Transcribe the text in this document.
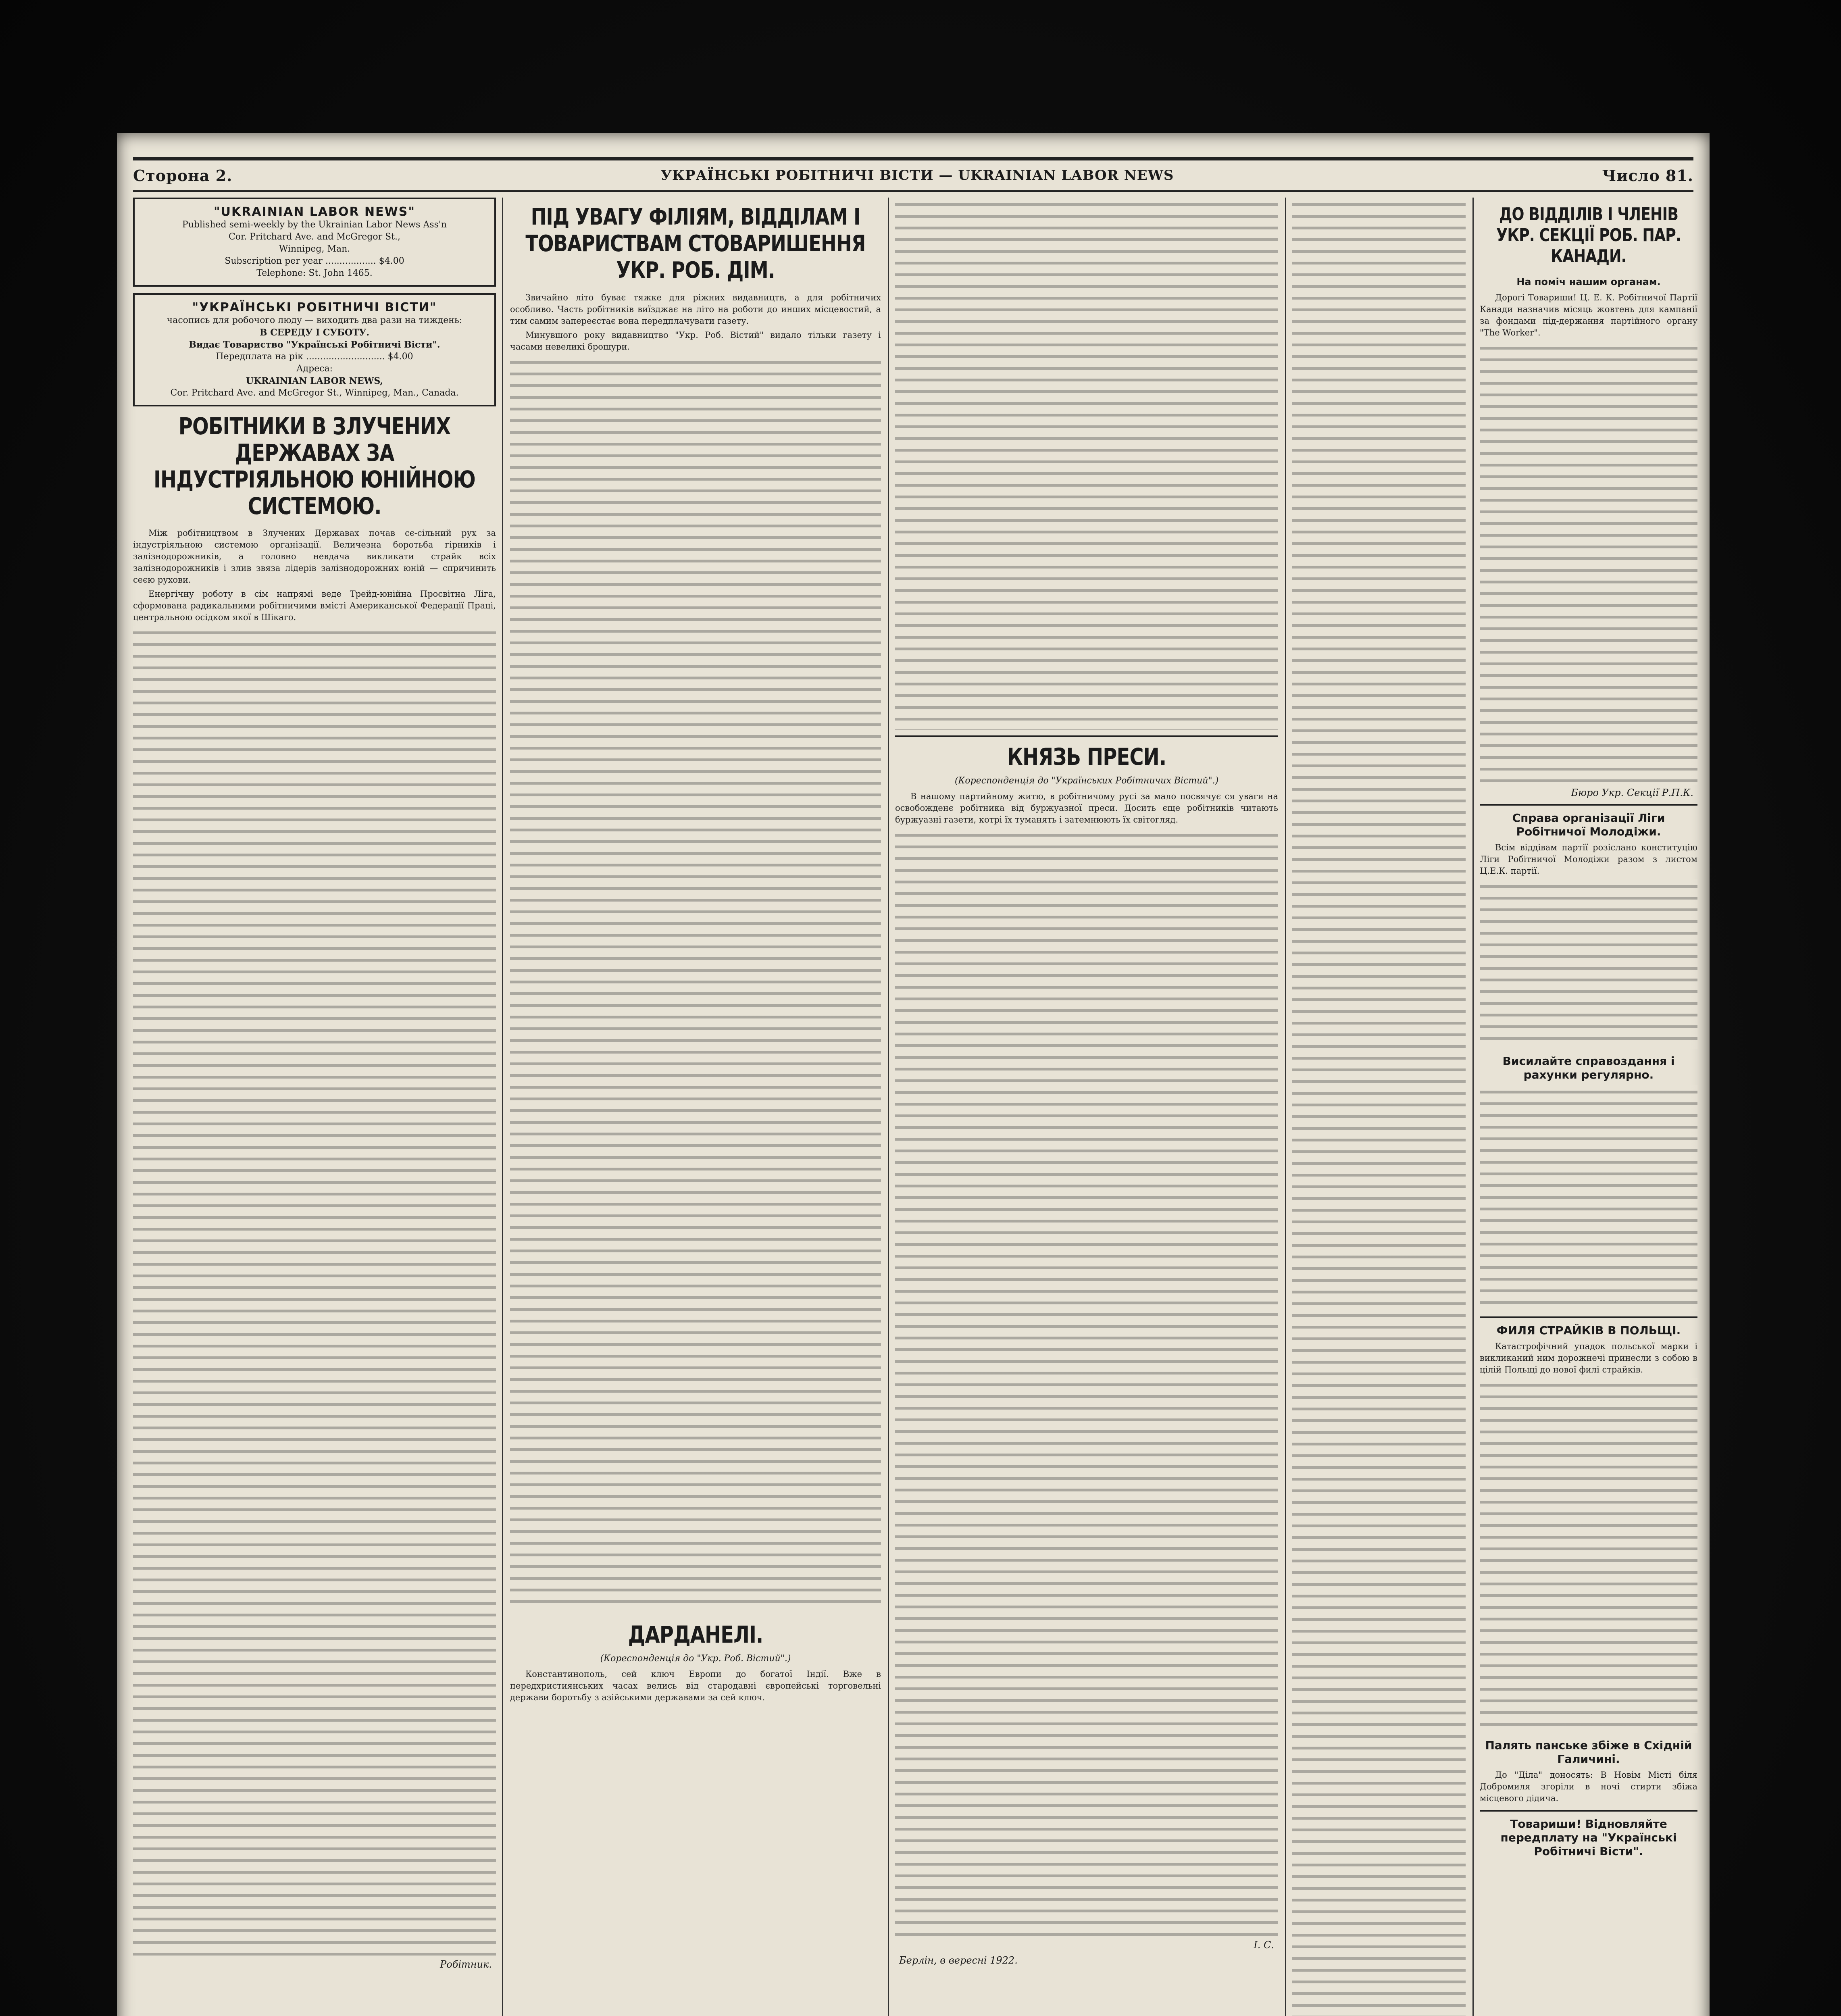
Сторона 2.	УКРАЇНСЬКІ РОБІТНИЧІ ВІСТИ — UKRAINIAN LABOR NEWS	Число 81.
"UKRAINIAN LABOR NEWS"
Published semi-weekly by the Ukrainian Labor News Ass'n
Cor. Pritchard Ave. and McGregor St.,
Winnipeg, Man.
Subscription per year .................. $4.00
Telephone: St. John 1465.
"УКРАЇНСЬКІ РОБІТНИЧІ ВІСТИ"
часопись для робочого люду — виходить два рази на тиждень:
В СЕРЕДУ І СУБОТУ.
Видає Товариство "Українські Робітничі Вісти".
Передплата на рік ............................ $4.00
Адреса:
UKRAINIAN LABOR NEWS,
Cor. Pritchard Ave. and McGregor St., Winnipeg, Man., Canada.
РОБІТНИКИ В ЗЛУЧЕНИХ ДЕРЖАВАХ ЗА ІНДУСТРІЯЛЬНОЮ ЮНІЙНОЮ СИСТЕМОЮ.

Між робітництвом в Злучених Державах почав сє-сільний рух за індустріяльною системою організації. Величезна боротьба гірників і залізнодорожників, а головно невдача викликати страйк всіх залізнодорожників і злив звяза лідерів залізнодорожних юній — спричинить сеєю рухови.

Енергічну роботу в сім напрямі веде Трейд-юнійна Просвітна Ліга, сформована радикальними робітничими вмісті Американської Федерації Праці, центральною осідком якої в Шікаго.

Робітник.
ПІД УВАГУ ФІЛІЯМ, ВІДДІЛАМ І ТОВАРИСТВАМ СТОВАРИШЕННЯ УКР. РОБ. ДІМ.

Звичайно літо буває тяжке для ріжних видавництв, а для робітничих особливо. Часть робітників виїзджає на літо на роботи до инших місцевостий, а тим самим запереєстає вона передплачувати газету.

Минувшого року видавництво "Укр. Роб. Вістий" видало тільки газету і часами невеликі брошури.

ДАРДАНЕЛІ.
(Кореспонденція до "Укр. Роб. Вістий".)

Константинополь, сей ключ Европи до богатої Індії. Вже в передхристиянських часах велись від стародавні європейські торговельні держави боротьбу з азійськими державами за сей ключ.

КНЯЗЬ ПРЕСИ.
(Кореспонденція до "Українських Робітничих Вістий".)

В нашому партийному житю, в робітничому русі за мало посвячує ся уваги на освобожденє робітника від буржуазної преси. Досить єще робітників читають буржуазні газети, котрі їх туманять і затемнюють їх світогляд.

І. С.
Берлін, в вересні 1922.

ДО ВІДДІЛІВ І ЧЛЕНІВ УКР. СЕКЦІЇ РОБ. ПАР. КАНАДИ.
На поміч нашим органам.

Дорогі Товариши! Ц. Е. К. Робітничої Партії Канади назначив місяць жовтень для кампанії за фондами під-держання партійного органу "The Worker".

Бюро Укр. Секції Р.П.К.
Справа організації Ліги Робітничої Молодіжи.

Всім віддівам партії розіслано конституцію Ліги Робітничої Молодіжи разом з листом Ц.Е.К. партії.

Висилайте справоздання і рахунки регулярно.
ФИЛЯ СТРАЙКІВ В ПОЛЬЩІ.

Катастрофічний упадок польської марки і викликаний ним дорожнечі принесли з собою в цілій Польщі до нової филі страйків.

Палять панське збіже в Східній Галичині.

До "Діла" доносять: В Новім Місті біля Добромиля згоріли в ночі стирти збіжа місцевого дідича.

Товариши! Відновляйте передплату на "Українські Робітничі Вісти".
